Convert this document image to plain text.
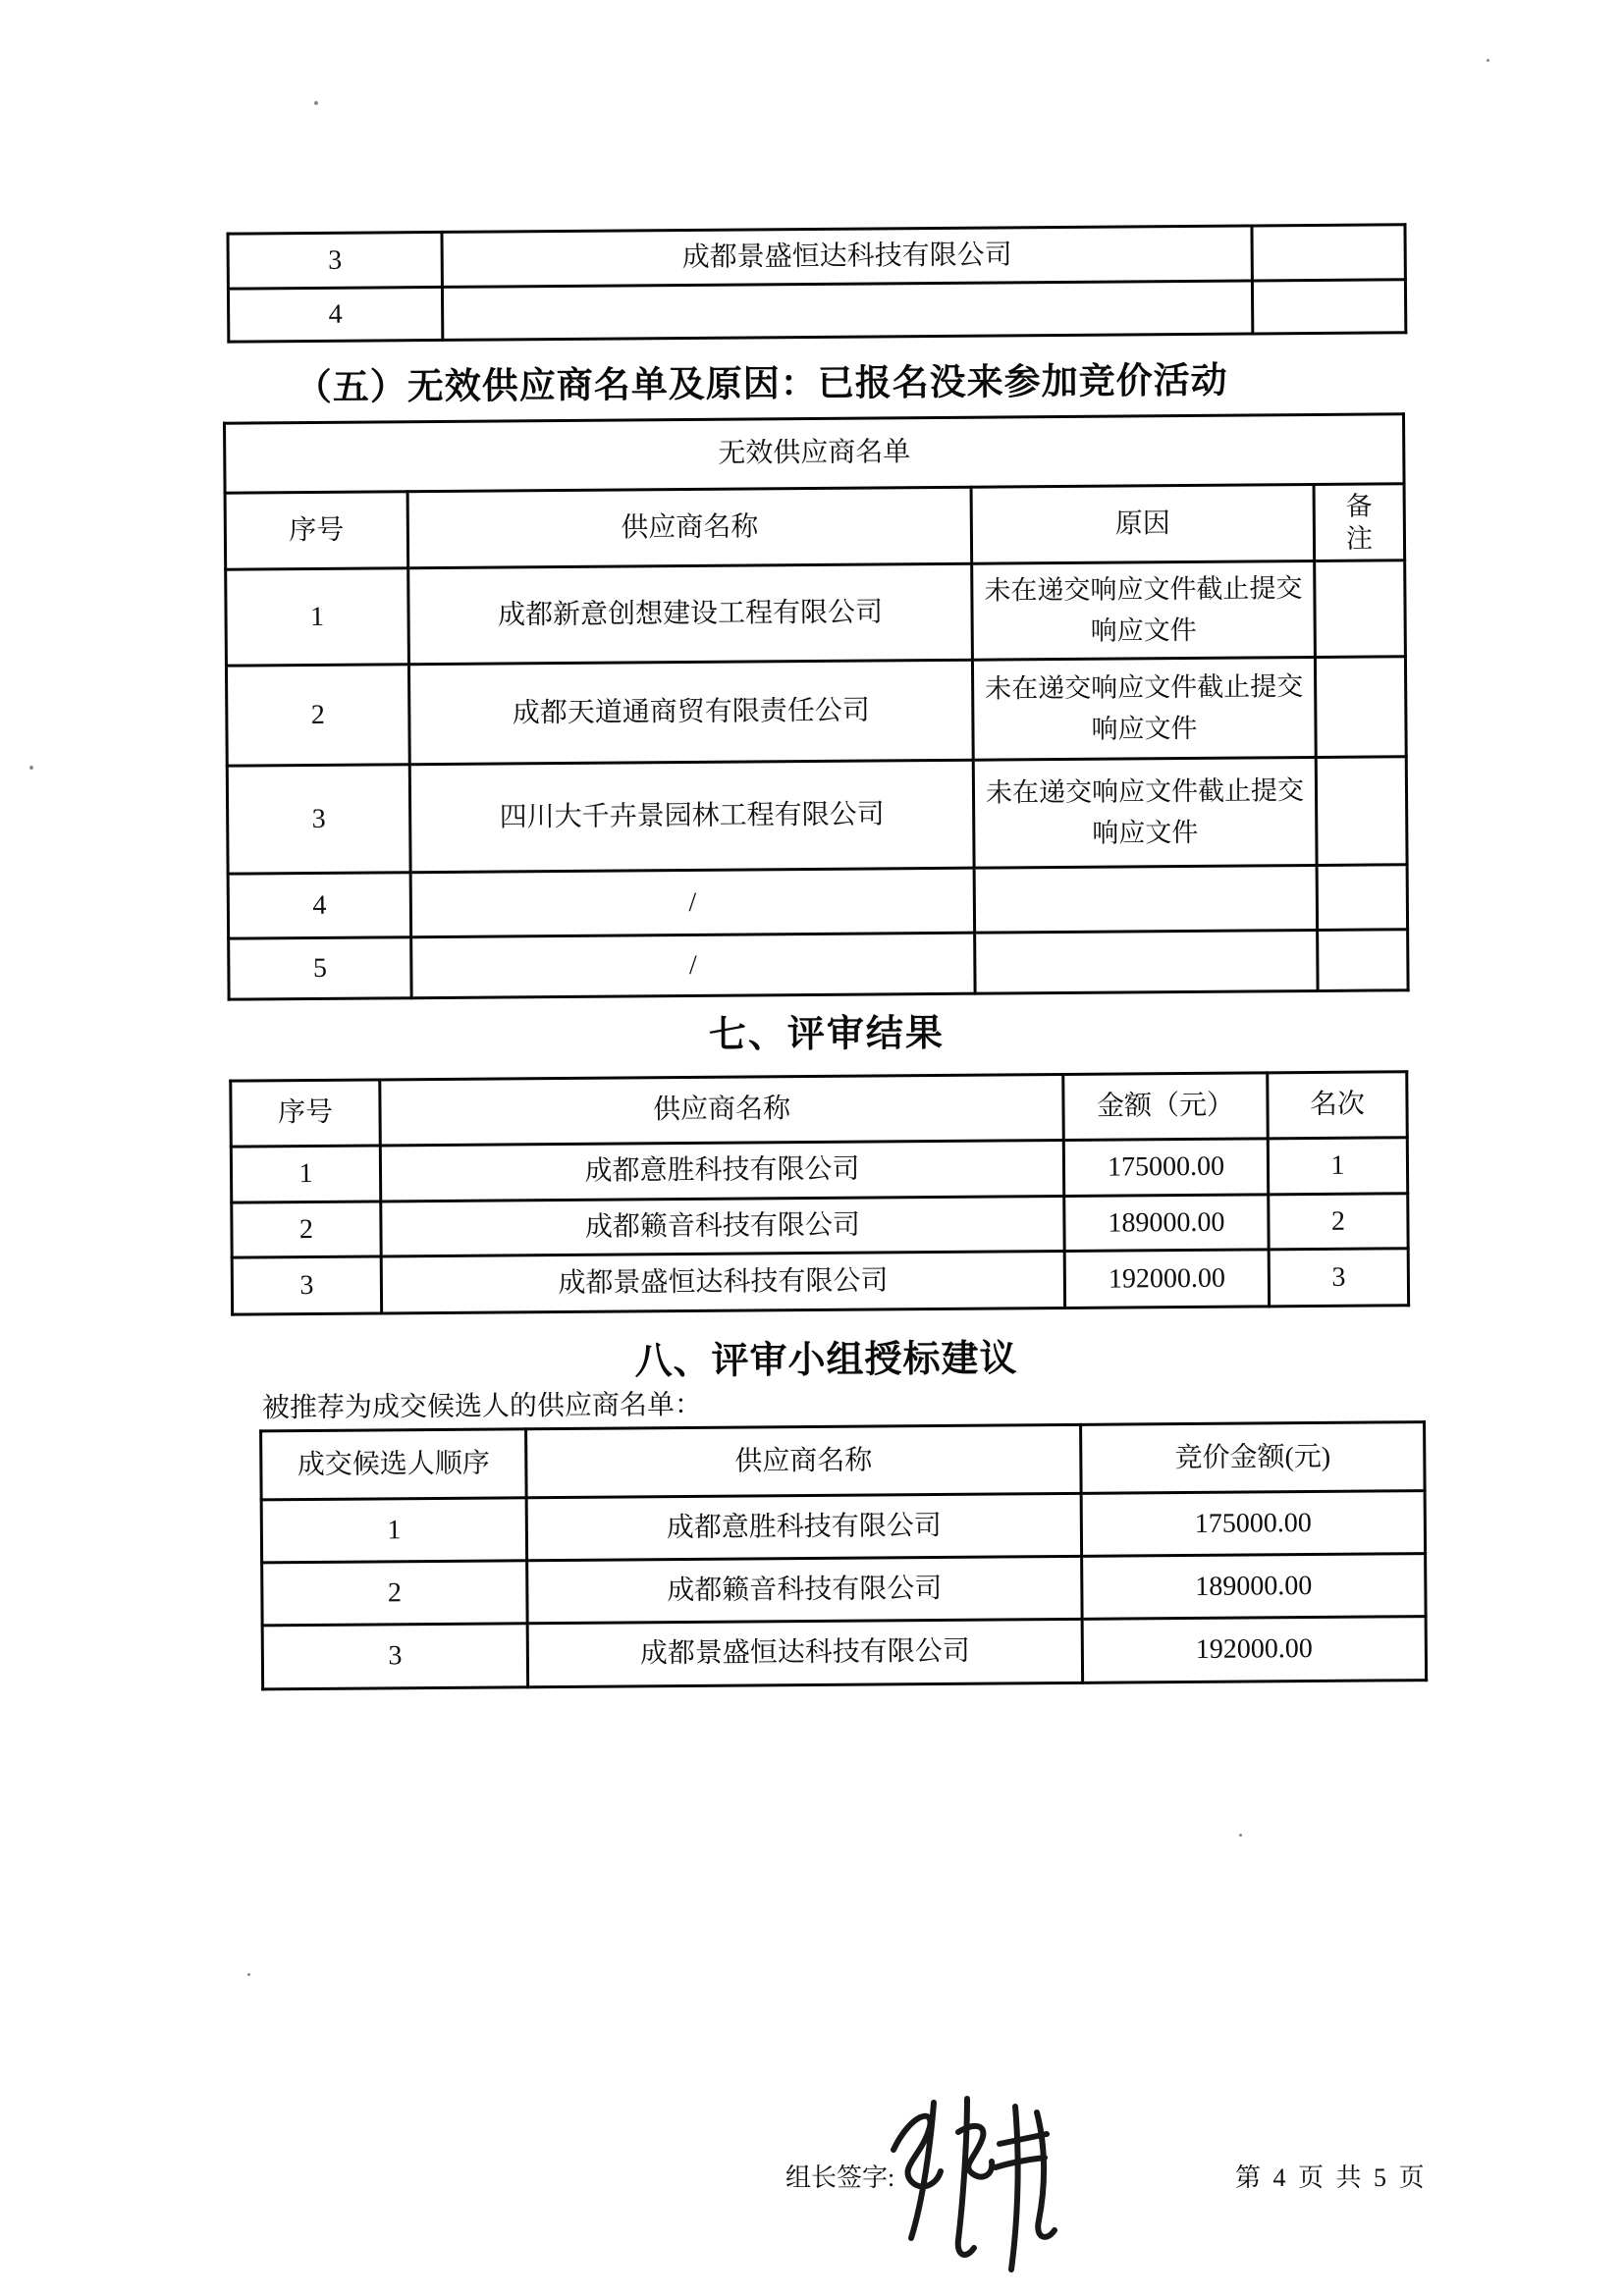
3	成都景盛恒达科技有限公司	
4		
（五）无效供应商名单及原因：已报名没来参加竞价活动
无效供应商名单			
序号	供应商名称	原因	备
注

1	成都新意创想建设工程有限公司	未在递交响应文件截止提交响应文件	
2	成都天道通商贸有限责任公司	未在递交响应文件截止提交响应文件	
3	四川大千卉景园林工程有限公司	未在递交响应文件截止提交响应文件	
4	/		
5	/		
七、评审结果
序号	供应商名称	金额（元）	名次
1	成都意胜科技有限公司	175000.00	1
2	成都籁音科技有限公司	189000.00	2
3	成都景盛恒达科技有限公司	192000.00	3
八、评审小组授标建议
被推荐为成交候选人的供应商名单：
成交候选人顺序	供应商名称	竞价金额(元)
1	成都意胜科技有限公司	175000.00
2	成都籁音科技有限公司	189000.00
3	成都景盛恒达科技有限公司	192000.00
组长签字:	第 4 页 共 5 页
